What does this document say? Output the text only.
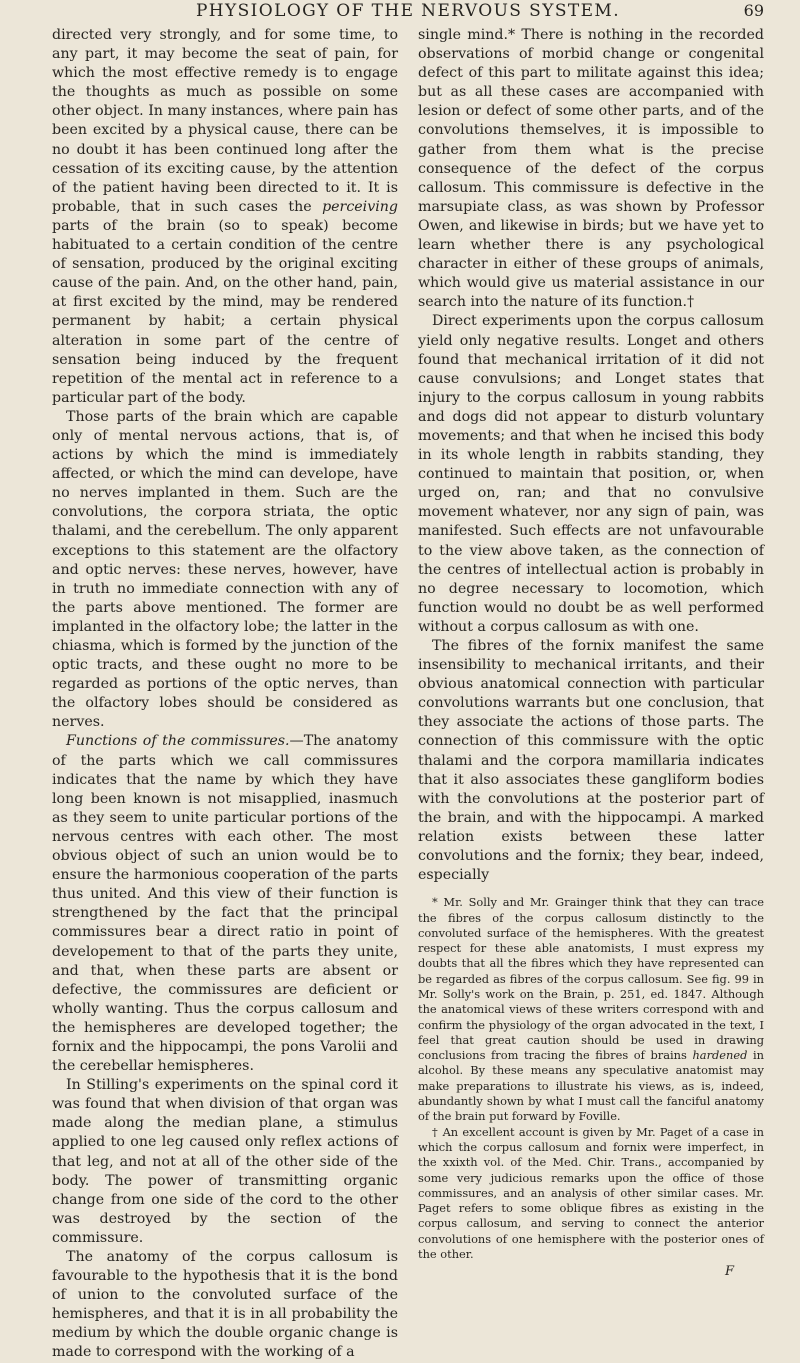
PHYSIOLOGY OF THE NERVOUS SYSTEM.	69

directed very strongly, and for some time, to any part, it may become the seat of pain, for which the most effective remedy is to engage the thoughts as much as possible on some other object. In many instances, where pain has been excited by a physical cause, there can be no doubt it has been continued long after the cessation of its exciting cause, by the attention of the patient having been directed to it. It is probable, that in such cases the perceiving parts of the brain (so to speak) become habituated to a certain condition of the centre of sensation, produced by the original exciting cause of the pain. And, on the other hand, pain, at first excited by the mind, may be rendered permanent by habit; a certain physical alteration in some part of the centre of sensation being induced by the frequent repetition of the mental act in reference to a particular part of the body.

Those parts of the brain which are capable only of mental nervous actions, that is, of actions by which the mind is immediately affected, or which the mind can develope, have no nerves implanted in them. Such are the convolutions, the corpora striata, the optic thalami, and the cerebellum. The only apparent exceptions to this statement are the olfactory and optic nerves: these nerves, however, have in truth no immediate connection with any of the parts above mentioned. The former are implanted in the olfactory lobe; the latter in the chiasma, which is formed by the junction of the optic tracts, and these ought no more to be regarded as portions of the optic nerves, than the olfactory lobes should be considered as nerves.

Functions of the commissures.—The anatomy of the parts which we call commissures indicates that the name by which they have long been known is not misapplied, inasmuch as they seem to unite particular portions of the nervous centres with each other. The most obvious object of such an union would be to ensure the harmonious cooperation of the parts thus united. And this view of their function is strengthened by the fact that the principal commissures bear a direct ratio in point of developement to that of the parts they unite, and that, when these parts are absent or defective, the commissures are deficient or wholly wanting. Thus the corpus callosum and the hemispheres are developed together; the fornix and the hippocampi, the pons Varolii and the cerebellar hemispheres.

In Stilling's experiments on the spinal cord it was found that when division of that organ was made along the median plane, a stimulus applied to one leg caused only reflex actions of that leg, and not at all of the other side of the body. The power of transmitting organic change from one side of the cord to the other was destroyed by the section of the commissure.

The anatomy of the corpus callosum is favourable to the hypothesis that it is the bond of union to the convoluted surface of the hemispheres, and that it is in all probability the medium by which the double organic change is made to correspond with the working of a

single mind.* There is nothing in the recorded observations of morbid change or congenital defect of this part to militate against this idea; but as all these cases are accompanied with lesion or defect of some other parts, and of the convolutions themselves, it is impossible to gather from them what is the precise consequence of the defect of the corpus callosum. This commissure is defective in the marsupiate class, as was shown by Professor Owen, and likewise in birds; but we have yet to learn whether there is any psychological character in either of these groups of animals, which would give us material assistance in our search into the nature of its function.†

Direct experiments upon the corpus callosum yield only negative results. Longet and others found that mechanical irritation of it did not cause convulsions; and Longet states that injury to the corpus callosum in young rabbits and dogs did not appear to disturb voluntary movements; and that when he incised this body in its whole length in rabbits standing, they continued to maintain that position, or, when urged on, ran; and that no convulsive movement whatever, nor any sign of pain, was manifested. Such effects are not unfavourable to the view above taken, as the connection of the centres of intellectual action is probably in no degree necessary to locomotion, which function would no doubt be as well performed without a corpus callosum as with one.

The fibres of the fornix manifest the same insensibility to mechanical irritants, and their obvious anatomical connection with particular convolutions warrants but one conclusion, that they associate the actions of those parts. The connection of this commissure with the optic thalami and the corpora mamillaria indicates that it also associates these gangliform bodies with the convolutions at the posterior part of the brain, and with the hippocampi. A marked relation exists between these latter convolutions and the fornix; they bear, indeed, especially

* Mr. Solly and Mr. Grainger think that they can trace the fibres of the corpus callosum distinctly to the convoluted surface of the hemispheres. With the greatest respect for these able anatomists, I must express my doubts that all the fibres which they have represented can be regarded as fibres of the corpus callosum. See fig. 99 in Mr. Solly's work on the Brain, p. 251, ed. 1847. Although the anatomical views of these writers correspond with and confirm the physiology of the organ advocated in the text, I feel that great caution should be used in drawing conclusions from tracing the fibres of brains hardened in alcohol. By these means any speculative anatomist may make preparations to illustrate his views, as is, indeed, abundantly shown by what I must call the fanciful anatomy of the brain put forward by Foville.

† An excellent account is given by Mr. Paget of a case in which the corpus callosum and fornix were imperfect, in the xxixth vol. of the Med. Chir. Trans., accompanied by some very judicious remarks upon the office of those commissures, and an analysis of other similar cases. Mr. Paget refers to some oblique fibres as existing in the corpus callosum, and serving to connect the anterior convolutions of one hemisphere with the posterior ones of the other.

F
